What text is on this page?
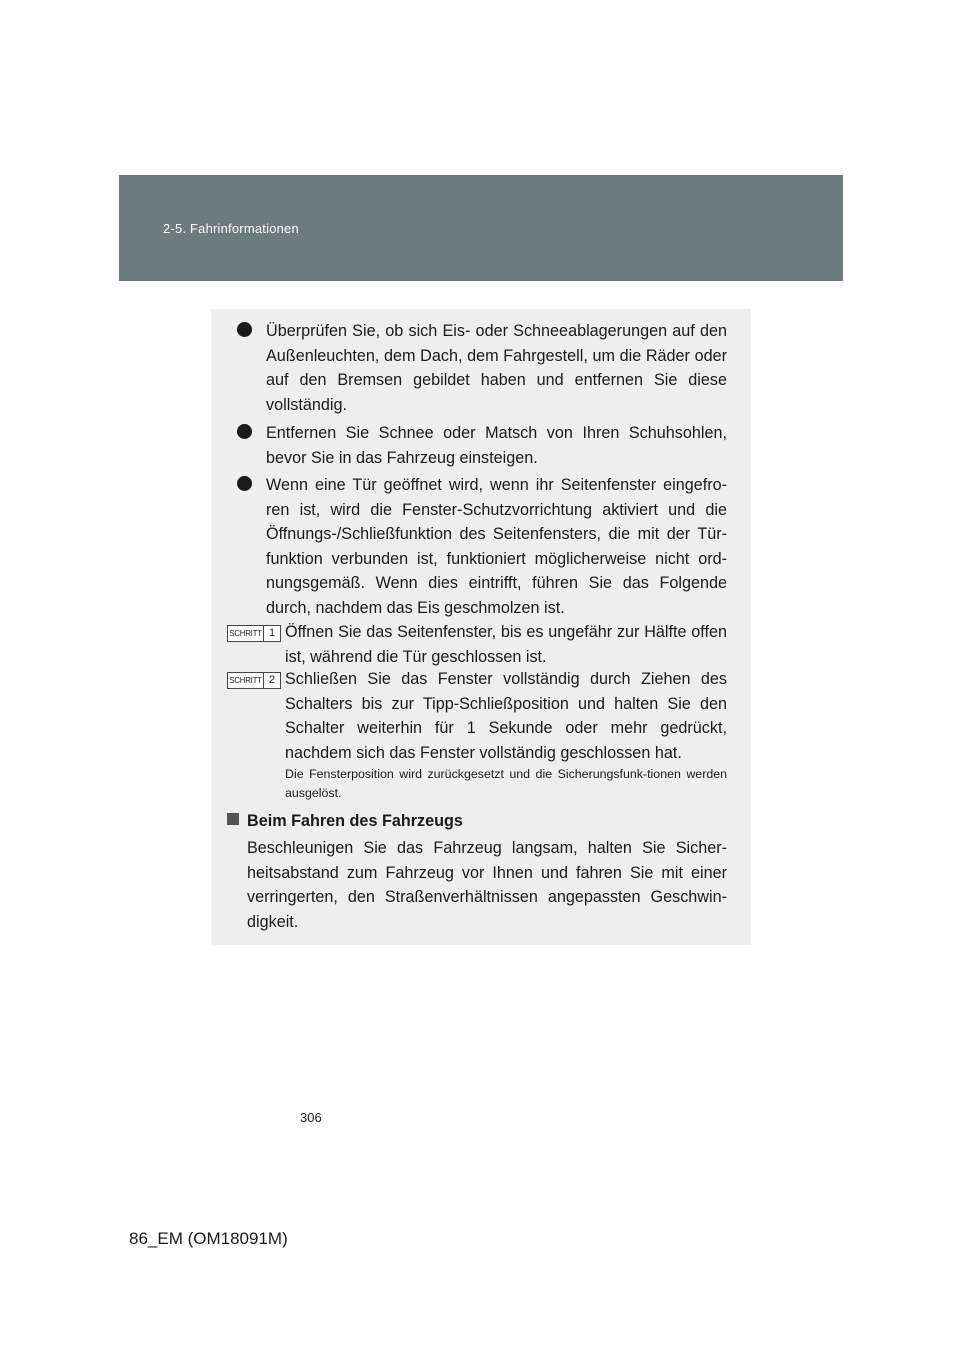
2-5. Fahrinformationen

Überprüfen Sie, ob sich Eis- oder Schneeablagerungen auf den Außenleuchten, dem Dach, dem Fahrgestell, um die Räder oder auf den Bremsen gebildet haben und entfernen Sie diese vollständig.

Entfernen Sie Schnee oder Matsch von Ihren Schuhsohlen, bevor Sie in das Fahrzeug einsteigen.

Wenn eine Tür geöffnet wird, wenn ihr Seitenfenster eingefro-ren ist, wird die Fenster-Schutzvorrichtung aktiviert und die Öffnungs-/Schließfunktion des Seitenfensters, die mit der Tür-funktion verbunden ist, funktioniert möglicherweise nicht ord-nungsgemäß. Wenn dies eintrifft, führen Sie das Folgende durch, nachdem das Eis geschmolzen ist.

SCHRITT 1 Öffnen Sie das Seitenfenster, bis es ungefähr zur Hälfte offen ist, während die Tür geschlossen ist.

SCHRITT 2 Schließen Sie das Fenster vollständig durch Ziehen des Schalters bis zur Tipp-Schließposition und halten Sie den Schalter weiterhin für 1 Sekunde oder mehr gedrückt, nachdem sich das Fenster vollständig geschlossen hat.

Die Fensterposition wird zurückgesetzt und die Sicherungsfunk-tionen werden ausgelöst.

Beim Fahren des Fahrzeugs

Beschleunigen Sie das Fahrzeug langsam, halten Sie Sicher-heitsabstand zum Fahrzeug vor Ihnen und fahren Sie mit einer verringerten, den Straßenverhältnissen angepassten Geschwin-digkeit.

306
86_EM (OM18091M)
